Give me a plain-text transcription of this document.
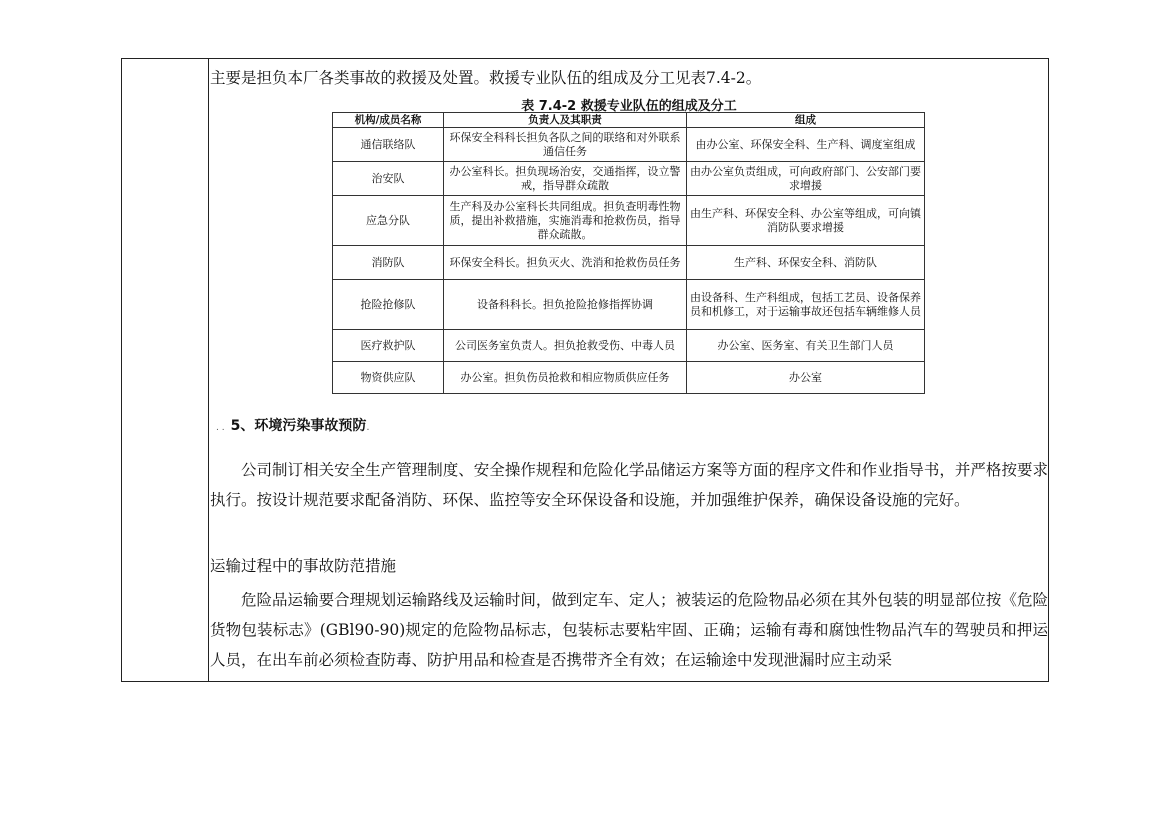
主要是担负本厂各类事故的救援及处置。救援专业队伍的组成及分工见表7.4-2。
表 7.4-2 救援专业队伍的组成及分工
机构/成员名称	负责人及其职责	组成
通信联络队	环保安全科科长担负各队之间的联络和对外联系通信任务	由办公室、环保安全科、生产科、调度室组成
治安队	办公室科长。担负现场治安，交通指挥，设立警戒，指导群众疏散	由办公室负责组成，可向政府部门、公安部门要求增援
应急分队	生产科及办公室科长共同组成。担负查明毒性物质，提出补救措施，实施消毒和抢救伤员，指导群众疏散。	由生产科、环保安全科、办公室等组成，可向镇消防队要求增援
消防队	环保安全科长。担负灭火、洗消和抢救伤员任务	生产科、环保安全科、消防队
抢险抢修队	设备科科长。担负抢险抢修指挥协调	由设备科、生产科组成，包括工艺员、设备保养员和机修工，对于运输事故还包括车辆维修人员
医疗救护队	公司医务室负责人。担负抢救受伤、中毒人员	办公室、医务室、有关卫生部门人员
物资供应队	办公室。担负伤员抢救和相应物质供应任务	办公室
. . 5、环境污染事故预防.
公司制订相关安全生产管理制度、安全操作规程和危险化学品储运方案等方面的程序文件和作业指导书，并严格按要求执行。按设计规范要求配备消防、环保、监控等安全环保设备和设施，并加强维护保养，确保设备设施的完好。
运输过程中的事故防范措施
危险品运输要合理规划运输路线及运输时间，做到定车、定人；被装运的危险物品必须在其外包装的明显部位按《危险货物包装标志》(GBl90-90)规定的危险物品标志，包装标志要粘牢固、正确；运输有毒和腐蚀性物品汽车的驾驶员和押运人员，在出车前必须检查防毒、防护用品和检查是否携带齐全有效；在运输途中发现泄漏时应主动采
